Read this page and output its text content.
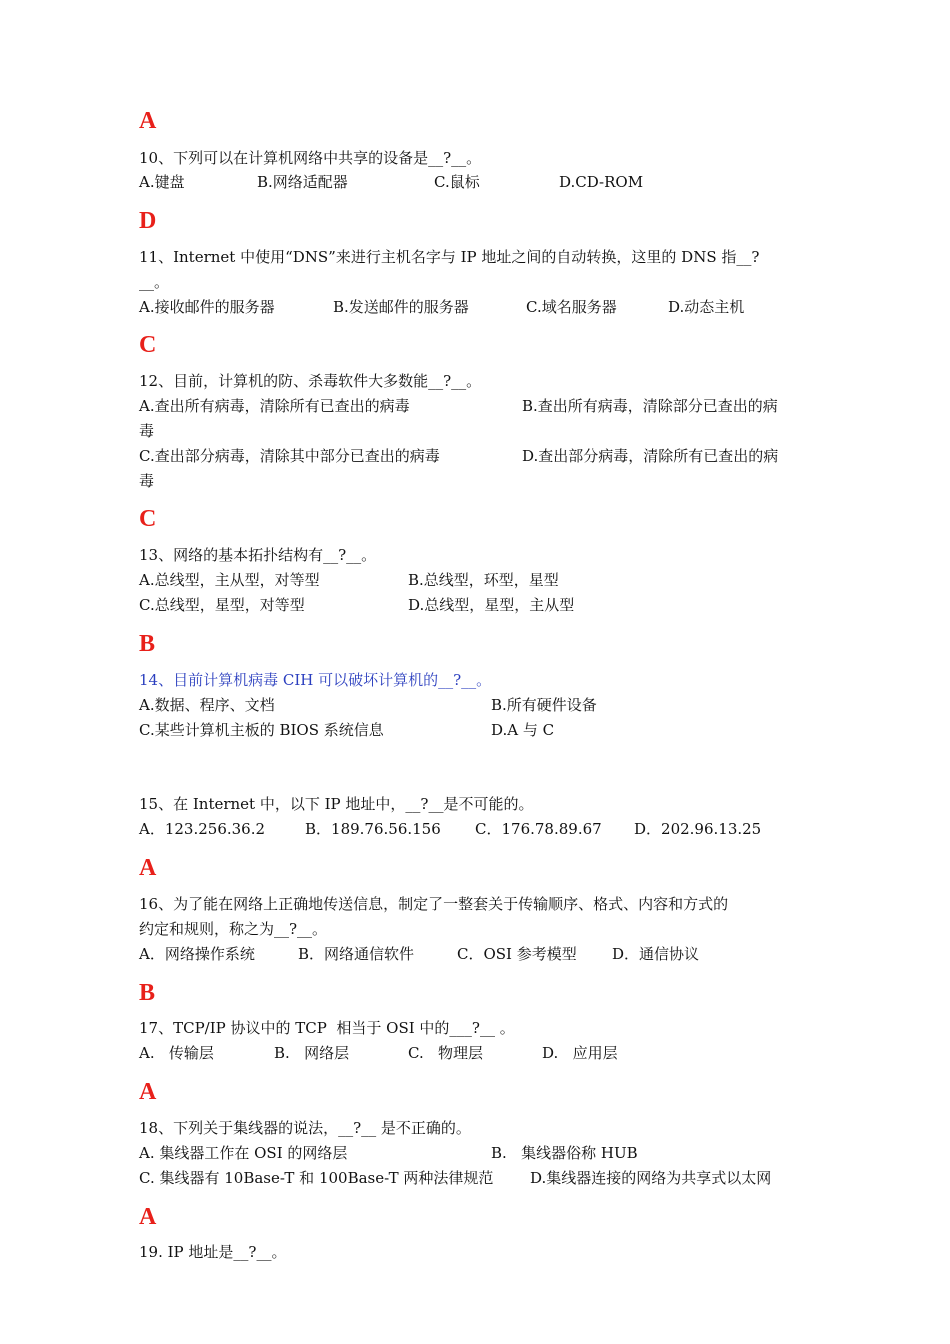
A
10、下列可以在计算机网络中共享的设备是__?__。
A.键盘	B.网络适配器	C.鼠标	D.CD-ROM
D
11、Internet 中使用“DNS”来进行主机名字与 IP 地址之间的自动转换，这里的 DNS 指__?
__。
A.接收邮件的服务器	B.发送邮件的服务器	C.域名服务器	D.动态主机
C
12、目前，计算机的防、杀毒软件大多数能__?__。
A.查出所有病毒，清除所有已查出的病毒	B.查出所有病毒，清除部分已查出的病
毒
C.查出部分病毒，清除其中部分已查出的病毒	D.查出部分病毒，清除所有已查出的病
毒
C
13、网络的基本拓扑结构有__?__。
A.总线型，主从型，对等型	B.总线型，环型，星型
C.总线型，星型，对等型	D.总线型，星型，主从型
B
14、目前计算机病毒 CIH 可以破坏计算机的__?__。
A.数据、程序、文档	B.所有硬件设备
C.某些计算机主板的 BIOS 系统信息	D.A 与 C
15、在 Internet 中，以下 IP 地址中，__?__是不可能的。
A．123.256.36.2	B．189.76.56.156 C．176.78.89.67 D．202.96.13.25
A
16、为了能在网络上正确地传送信息，制定了一整套关于传输顺序、格式、内容和方式的
约定和规则，称之为__?__。
A．网络操作系统	B．网络通信软件	C．OSI 参考模型 D．通信协议
B
17、TCP/IP 协议中的 TCP  相当于 OSI 中的___?__ 。
A.   传输层	B.   网络层	C.   物理层	D.   应用层
A
18、下列关于集线器的说法，__?__ 是不正确的。
A. 集线器工作在 OSI 的网络层	B.   集线器俗称 HUB
C. 集线器有 10Base-T 和 100Base-T 两种法律规范 D.集线器连接的网络为共享式以太网
A
19. IP 地址是__?__。
